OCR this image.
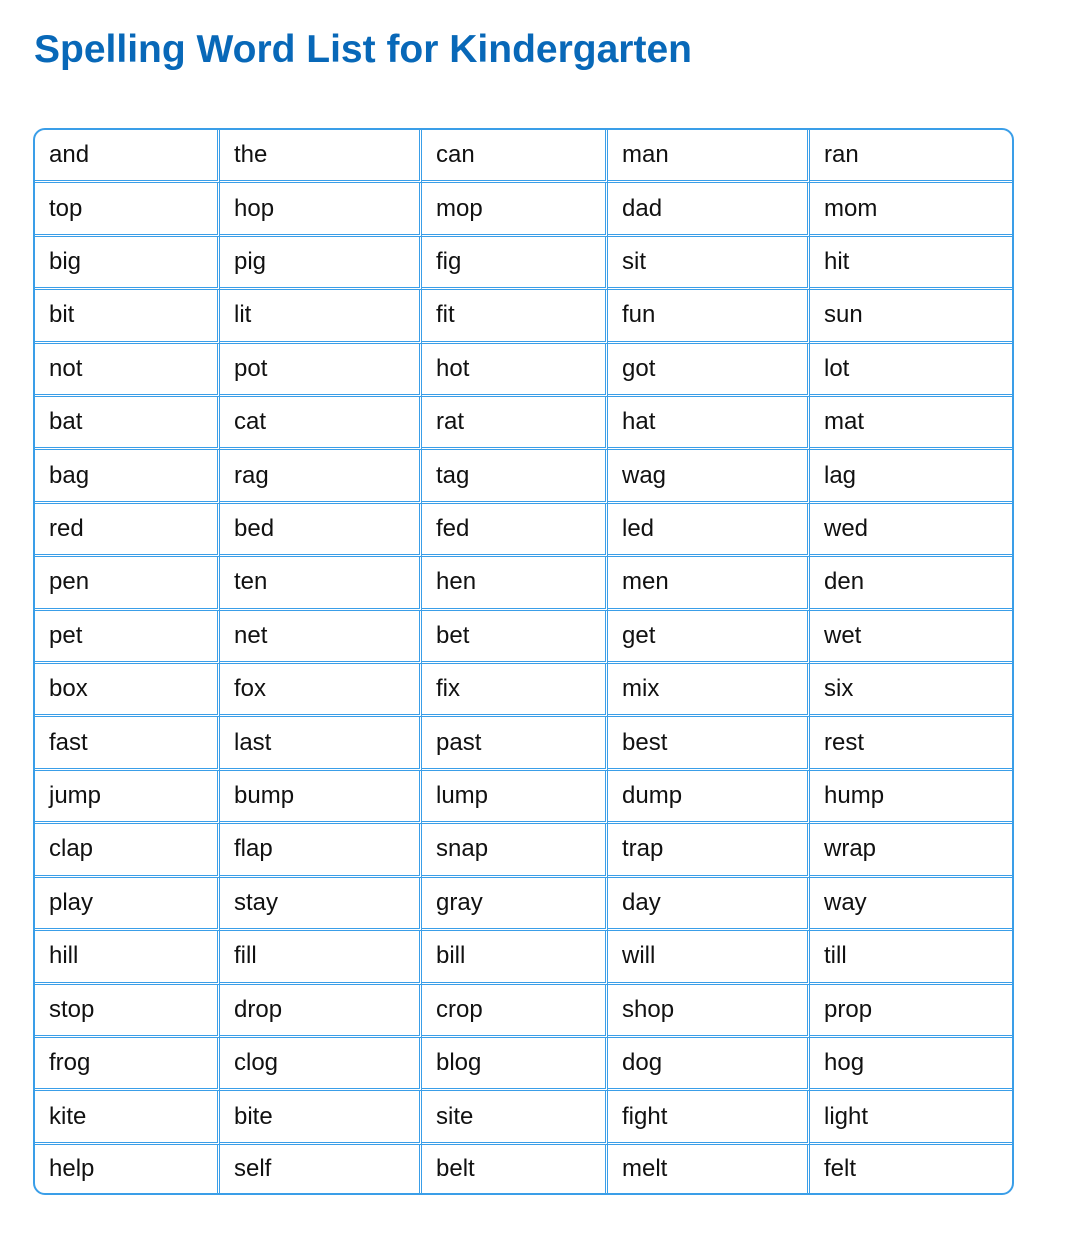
Spelling Word List for Kindergarten
and	the	can	man	ran
top	hop	mop	dad	mom
big	pig	fig	sit	hit
bit	lit	fit	fun	sun
not	pot	hot	got	lot
bat	cat	rat	hat	mat
bag	rag	tag	wag	lag
red	bed	fed	led	wed
pen	ten	hen	men	den
pet	net	bet	get	wet
box	fox	fix	mix	six
fast	last	past	best	rest
jump	bump	lump	dump	hump
clap	flap	snap	trap	wrap
play	stay	gray	day	way
hill	fill	bill	will	till
stop	drop	crop	shop	prop
frog	clog	blog	dog	hog
kite	bite	site	fight	light
help	self	belt	melt	felt
